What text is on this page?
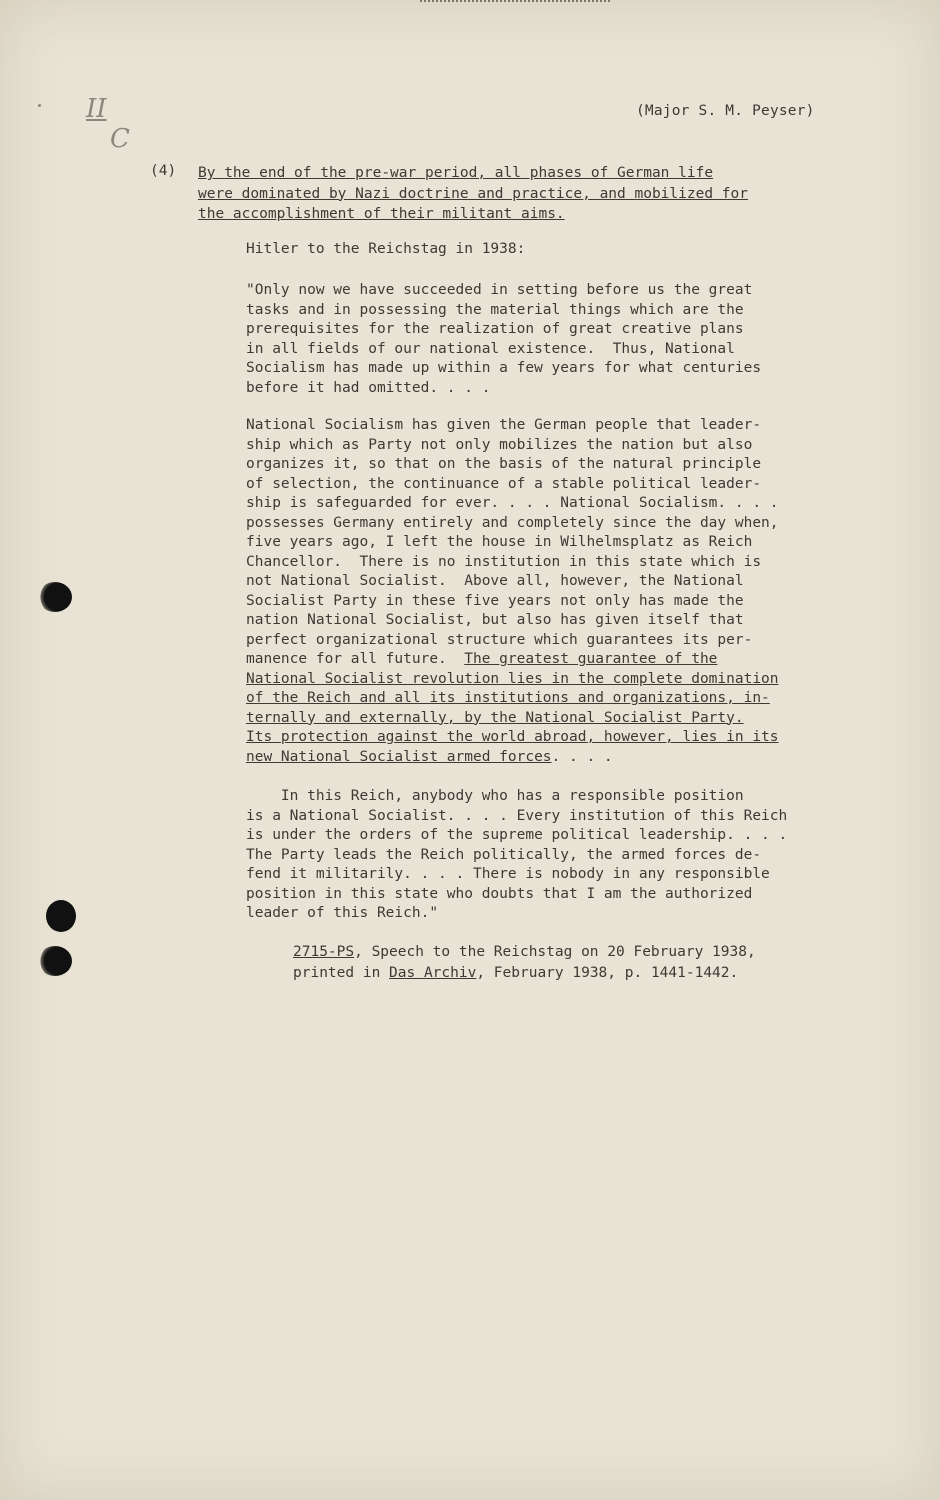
II
C
(Major S. M. Peyser)
(4) By the end of the pre-war period, all phases of German life
were dominated by Nazi doctrine and practice, and mobilized for
the accomplishment of their militant aims.
Hitler to the Reichstag in 1938:
"Only now we have succeeded in setting before us the great
tasks and in possessing the material things which are the
prerequisites for the realization of great creative plans
in all fields of our national existence.  Thus, National
Socialism has made up within a few years for what centuries
before it had omitted. . . .
National Socialism has given the German people that leader-
ship which as Party not only mobilizes the nation but also
organizes it, so that on the basis of the natural principle
of selection, the continuance of a stable political leader-
ship is safeguarded for ever. . . . National Socialism. . . .
possesses Germany entirely and completely since the day when,
five years ago, I left the house in Wilhelmsplatz as Reich
Chancellor.  There is no institution in this state which is
not National Socialist.  Above all, however, the National
Socialist Party in these five years not only has made the
nation National Socialist, but also has given itself that
perfect organizational structure which guarantees its per-
manence for all future.  The greatest guarantee of the
National Socialist revolution lies in the complete domination
of the Reich and all its institutions and organizations, in-
ternally and externally, by the National Socialist Party.
Its protection against the world abroad, however, lies in its
new National Socialist armed forces. . . .
In this Reich, anybody who has a responsible position
is a National Socialist. . . . Every institution of this Reich
is under the orders of the supreme political leadership. . . .
The Party leads the Reich politically, the armed forces de-
fend it militarily. . . . There is nobody in any responsible
position in this state who doubts that I am the authorized
leader of this Reich."
2715-PS, Speech to the Reichstag on 20 February 1938,
printed in Das Archiv, February 1938, p. 1441-1442.
